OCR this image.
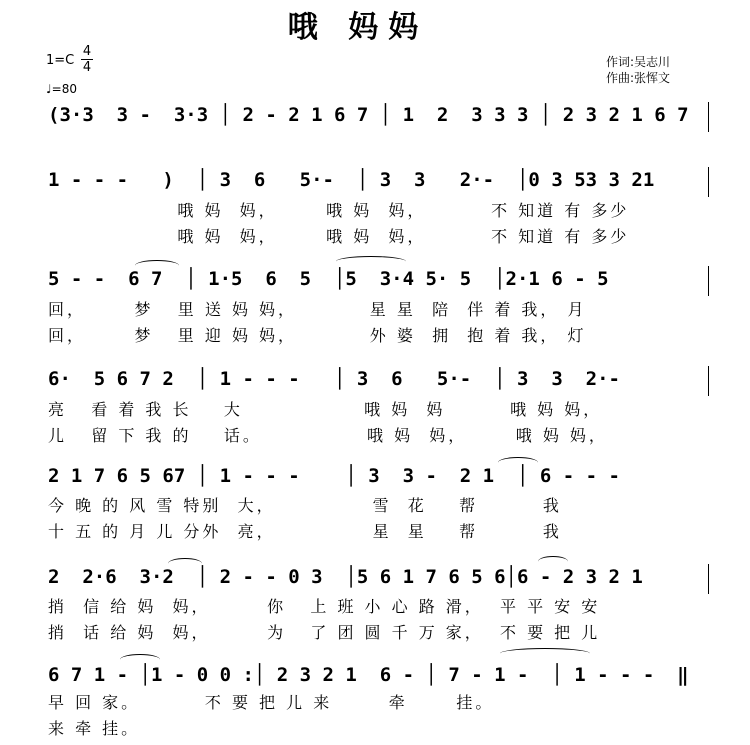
哦 妈妈
1=C
4
4
♩=80
作词:吴志川
作曲:张恽文
(3·3  3 -  3·3 │ 2 - 2 1 6 7 │ 1  2  3 3 3 │ 2 3 2 1 6 7
1 - - -   )  │ 3  6   5·-  │ 3  3   2·-  │0 3 53 3 21
哦 妈  妈，      哦 妈  妈，        不 知道 有 多少
哦 妈  妈，      哦 妈  妈，        不 知道 有 多少
5 - -  6 7  │ 1·5  6  5  │5  3·4 5· 5  │2·1 6 - 5
回，      梦   里 送 妈 妈，         星 星  陪  伴 着 我， 月
回，      梦   里 迎 妈 妈，         外 婆  拥  抱 着 我， 灯
6·  5 6 7 2  │ 1 - - -   │ 3  6   5·-  │ 3  3  2·-
亮   看 着 我 长    大               哦 妈  妈        哦 妈 妈，
儿   留 下 我 的    话。             哦 妈  妈，      哦 妈 妈，
2 1 7 6 5 67 │ 1 - - -    │ 3  3 -  2 1  │ 6 - - -
今 晚 的 风 雪 特别  大，            雪  花    帮        我
十 五 的 月 儿 分外  亮，            星  星    帮        我
2  2·6  3·2  │ 2 - - 0 3  │5 6 1 7 6 5 6│6 - 2 3 2 1
捎  信 给 妈  妈，       你   上 班 小 心 路 滑，  平 平 安 安
捎  话 给 妈  妈，       为   了 团 圆 千 万 家，  不 要 把 儿
6 7 1 - │1 - 0 0 :│ 2 3 2 1  6 - │ 7 - 1 -  │ 1 - - -  ‖
早 回 家。        不 要 把 儿 来       牵      挂。
来 牵 挂。
